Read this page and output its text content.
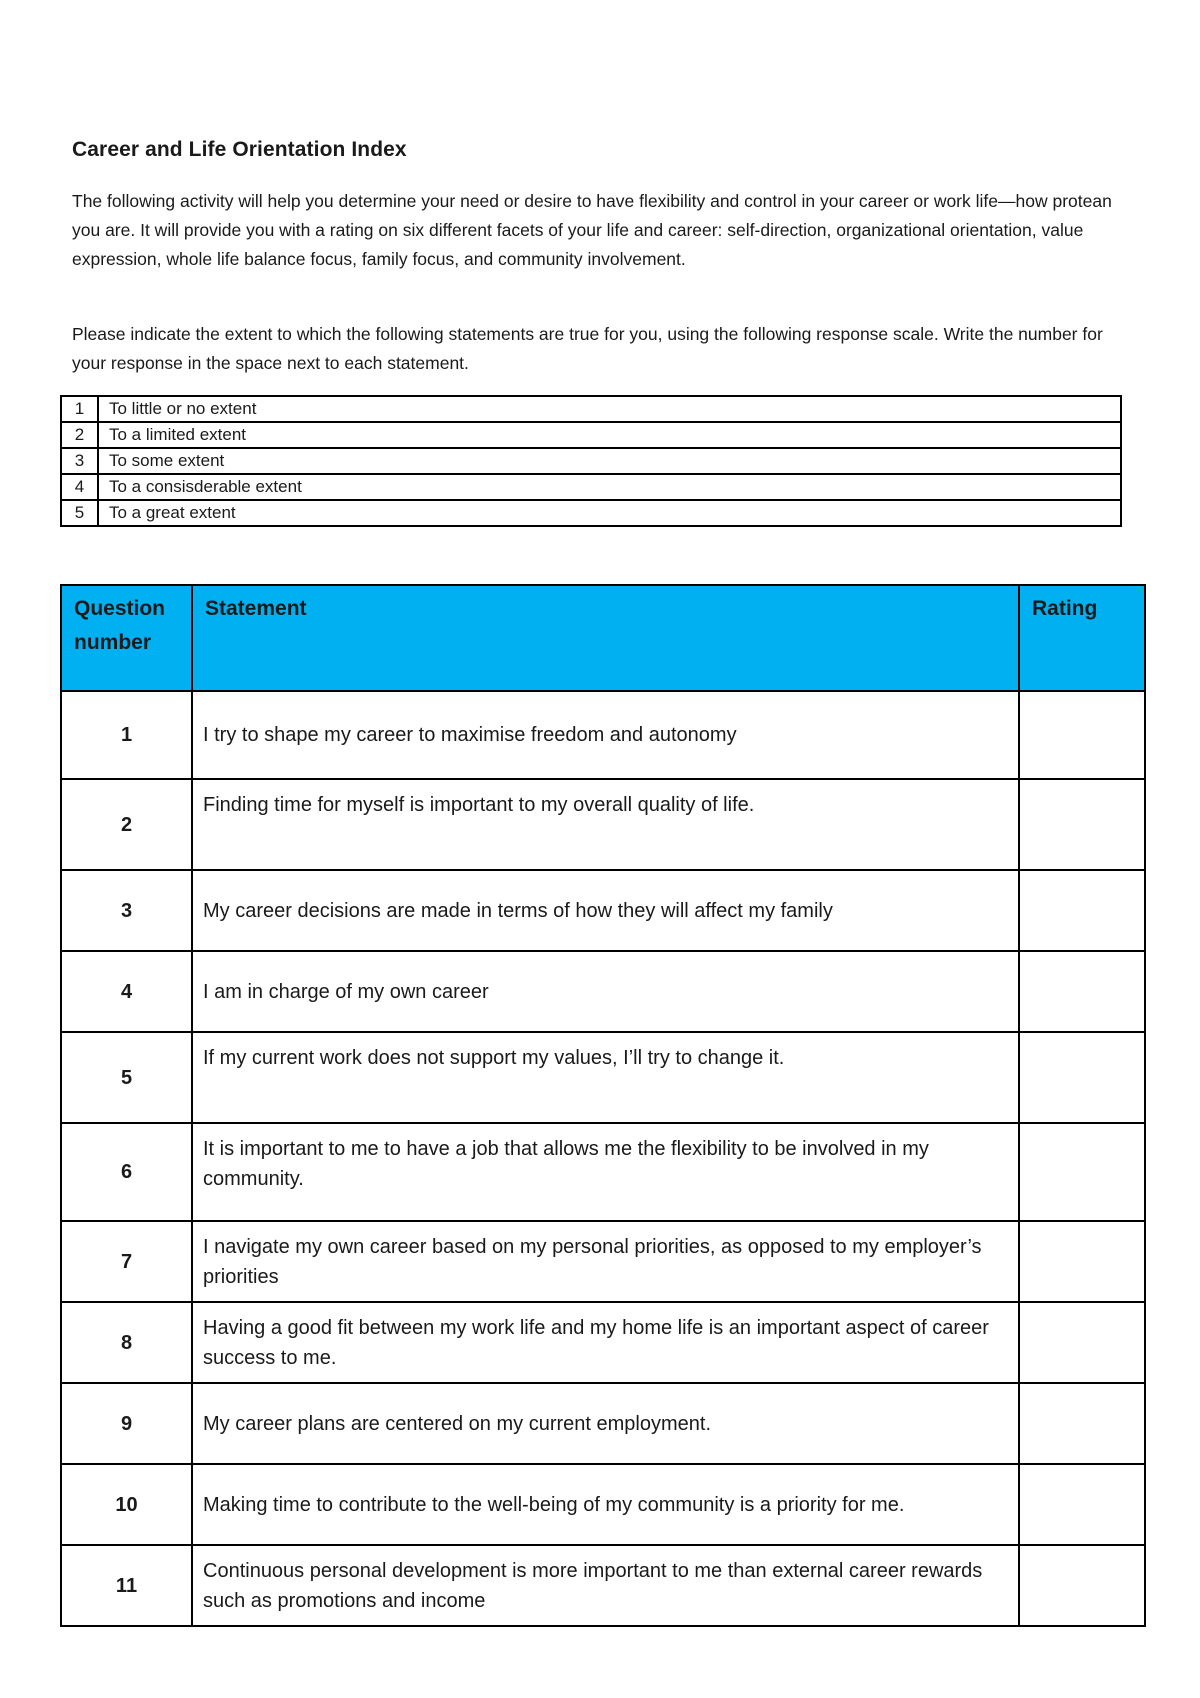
Career and Life Orientation Index
The following activity will help you determine your need or desire to have flexibility and control in your career or work life—how protean you are. It will provide you with a rating on six different facets of your life and career: self-direction, organizational orientation, value expression, whole life balance focus, family focus, and community involvement.
Please indicate the extent to which the following statements are true for you, using the following response scale. Write the number for your response in the space next to each statement.
1	To little or no extent
2	To a limited extent
3	To some extent
4	To a consisderable extent
5	To a great extent
Question number	Statement	Rating
1	I try to shape my career to maximise freedom and autonomy	
2	Finding time for myself is important to my overall quality of life.	
3	My career decisions are made in terms of how they will affect my family	
4	I am in charge of my own career	
5	If my current work does not support my values, I’ll try to change it.	
6	It is important to me to have a job that allows me the flexibility to be involved in my community.	
7	I navigate my own career based on my personal priorities, as opposed to my employer’s priorities	
8	Having a good fit between my work life and my home life is an important aspect of career success to me.	
9	My career plans are centered on my current employment.	
10	Making time to contribute to the well-being of my community is a priority for me.	
11	Continuous personal development is more important to me than external career rewards such as promotions and income	
